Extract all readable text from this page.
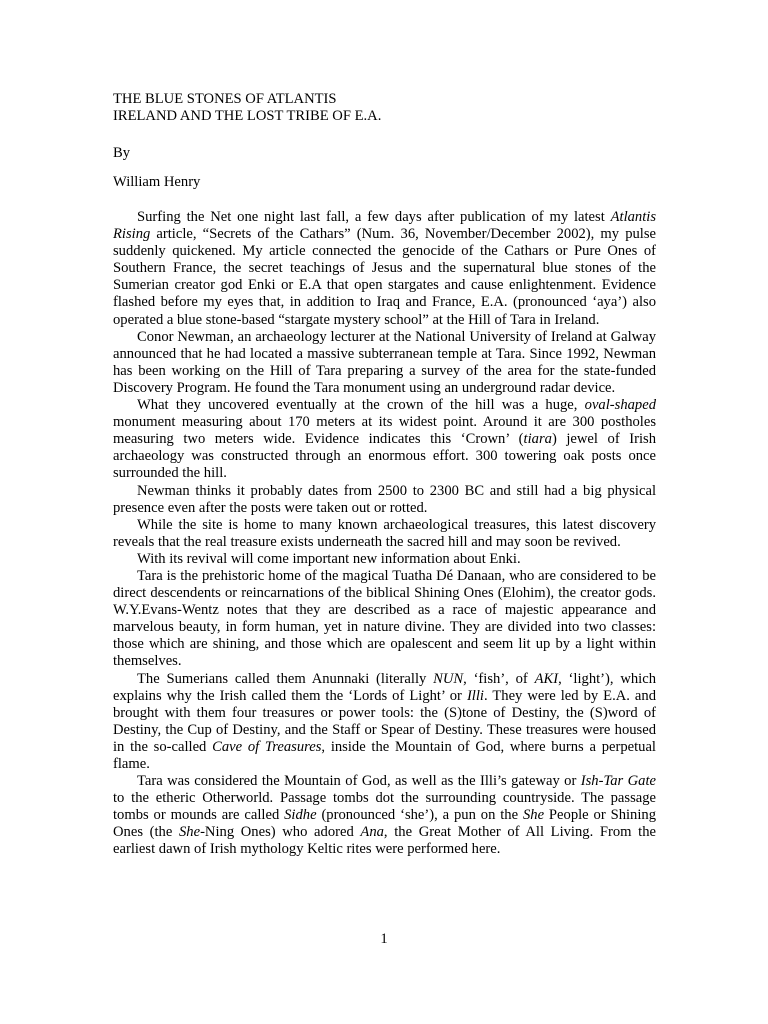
THE BLUE STONES OF ATLANTIS
IRELAND AND THE LOST TRIBE OF E.A.
By
William Henry

Surfing the Net one night last fall, a few days after publication of my latest Atlantis Rising article, “Secrets of the Cathars” (Num. 36, November/December 2002), my pulse suddenly quickened. My article connected the genocide of the Cathars or Pure Ones of Southern France, the secret teachings of Jesus and the supernatural blue stones of the Sumerian creator god Enki or E.A that open stargates and cause enlightenment. Evidence flashed before my eyes that, in addition to Iraq and France, E.A. (pronounced ‘aya’) also operated a blue stone-based “stargate mystery school” at the Hill of Tara in Ireland.

Conor Newman, an archaeology lecturer at the National University of Ireland at Galway announced that he had located a massive subterranean temple at Tara. Since 1992, Newman has been working on the Hill of Tara preparing a survey of the area for the state-funded Discovery Program. He found the Tara monument using an underground radar device.

What they uncovered eventually at the crown of the hill was a huge, oval-shaped monument measuring about 170 meters at its widest point. Around it are 300 postholes measuring two meters wide. Evidence indicates this ‘Crown’ (tiara) jewel of Irish archaeology was constructed through an enormous effort. 300 towering oak posts once surrounded the hill.

Newman thinks it probably dates from 2500 to 2300 BC and still had a big physical presence even after the posts were taken out or rotted.

While the site is home to many known archaeological treasures, this latest discovery reveals that the real treasure exists underneath the sacred hill and may soon be revived.

With its revival will come important new information about Enki.

Tara is the prehistoric home of the magical Tuatha Dé Danaan, who are considered to be direct descendents or reincarnations of the biblical Shining Ones (Elohim), the creator gods. W.Y.Evans-Wentz notes that they are described as a race of majestic appearance and marvelous beauty, in form human, yet in nature divine. They are divided into two classes: those which are shining, and those which are opalescent and seem lit up by a light within themselves.

The Sumerians called them Anunnaki (literally NUN, ‘fish’, of AKI, ‘light’), which explains why the Irish called them the ‘Lords of Light’ or Illi. They were led by E.A. and brought with them four treasures or power tools: the (S)tone of Destiny, the (S)word of Destiny, the Cup of Destiny, and the Staff or Spear of Destiny. These treasures were housed in the so-called Cave of Treasures, inside the Mountain of God, where burns a perpetual flame.

Tara was considered the Mountain of God, as well as the Illi’s gateway or Ish-Tar Gate to the etheric Otherworld. Passage tombs dot the surrounding countryside. The passage tombs or mounds are called Sidhe (pronounced ‘she’), a pun on the She People or Shining Ones (the She-Ning Ones) who adored Ana, the Great Mother of All Living. From the earliest dawn of Irish mythology Keltic rites were performed here.

1
